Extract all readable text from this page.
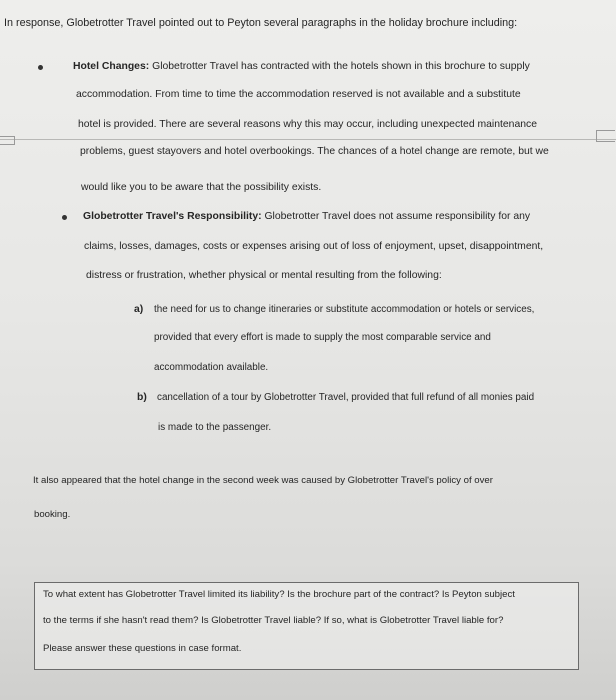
In response, Globetrotter Travel pointed out to Peyton several paragraphs in the holiday brochure including:
Hotel Changes: Globetrotter Travel has contracted with the hotels shown in this brochure to supply
accommodation. From time to time the accommodation reserved is not available and a substitute
hotel is provided. There are several reasons why this may occur, including unexpected maintenance
problems, guest stayovers and hotel overbookings. The chances of a hotel change are remote, but we
would like you to be aware that the possibility exists.
Globetrotter Travel's Responsibility: Globetrotter Travel does not assume responsibility for any
claims, losses, damages, costs or expenses arising out of loss of enjoyment, upset, disappointment,
distress or frustration, whether physical or mental resulting from the following:
a) the need for us to change itineraries or substitute accommodation or hotels or services,
provided that every effort is made to supply the most comparable service and
accommodation available.
b) cancellation of a tour by Globetrotter Travel, provided that full refund of all monies paid
is made to the passenger.
It also appeared that the hotel change in the second week was caused by Globetrotter Travel's policy of over
booking.
To what extent has Globetrotter Travel limited its liability? Is the brochure part of the contract? Is Peyton subject
to the terms if she hasn't read them? Is Globetrotter Travel liable? If so, what is Globetrotter Travel liable for?
Please answer these questions in case format.
